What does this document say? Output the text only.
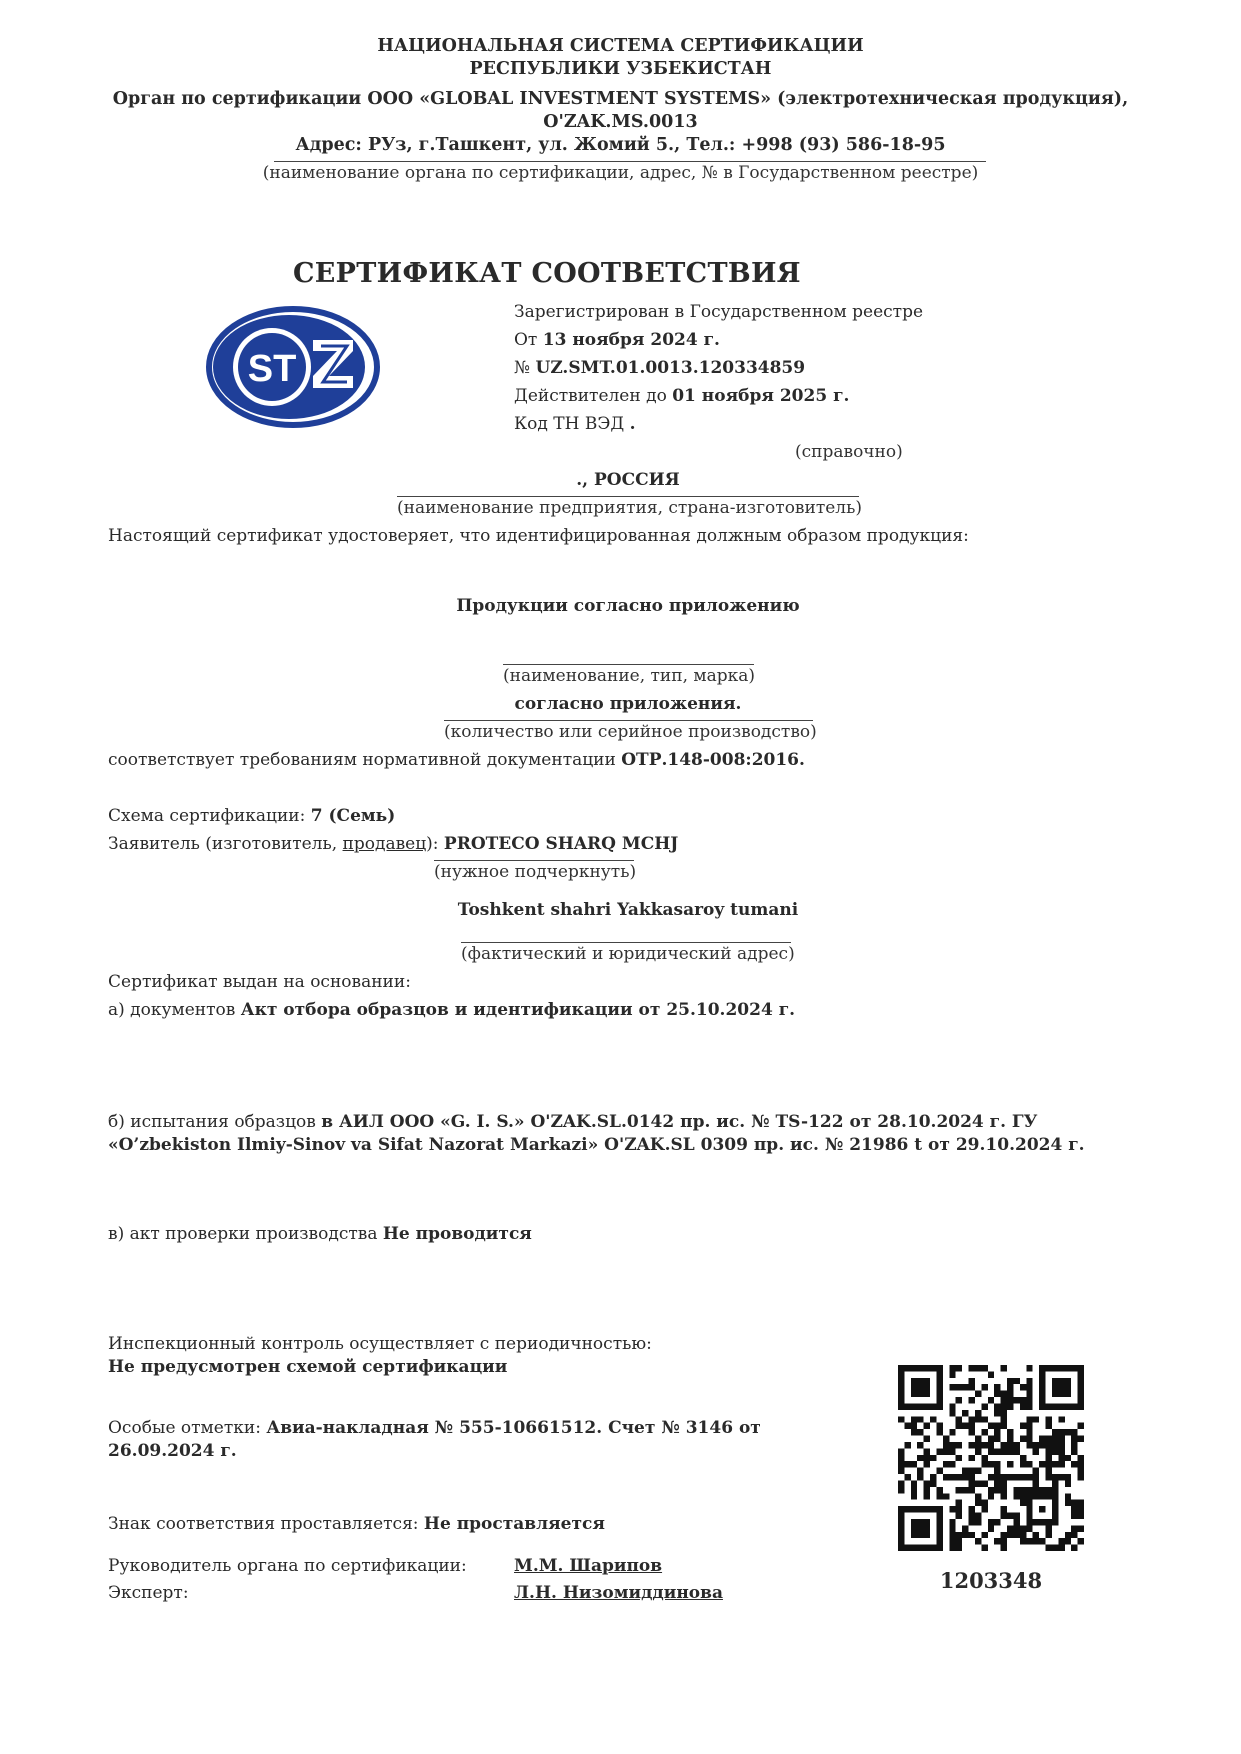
НАЦИОНАЛЬНАЯ СИСТЕМА СЕРТИФИКАЦИИ
РЕСПУБЛИКИ УЗБЕКИСТАН
Орган по сертификации ООО «GLOBAL INVESTMENT SYSTEMS» (электротехническая продукция),
O'ZAK.MS.0013
Адрес: РУз, г.Ташкент, ул. Жомий 5., Тел.: +998 (93) 586-18-95
(наименование органа по сертификации, адрес, № в Государственном реестре)
СЕРТИФИКАТ СООТВЕТСТВИЯ
ST
Зарегистрирован в Государственном реестре
От 13 ноября 2024 г.
№ UZ.SMT.01.0013.120334859
Действителен до 01 ноября 2025 г.
Код ТН ВЭД .
(справочно)
., РОССИЯ
(наименование предприятия, страна-изготовитель)
Настоящий сертификат удостоверяет, что идентифицированная должным образом продукция:
Продукции согласно приложению
(наименование, тип, марка)
согласно приложения.
(количество или серийное производство)
соответствует требованиям нормативной документации ОТР.148-008:2016.
Схема сертификации: 7 (Семь)
Заявитель (изготовитель, продавец): PROTECO SHARQ MCHJ
(нужное подчеркнуть)
Toshkent shahri Yakkasaroy tumani
(фактический и юридический адрес)
Сертификат выдан на основании:
а) документов Акт отбора образцов и идентификации от 25.10.2024 г.
б) испытания образцов в АИЛ ООО «G. I. S.» O'ZAK.SL.0142 пр. ис. № TS-122 от 28.10.2024 г. ГУ
«O’zbekiston Ilmiy-Sinov va Sifat Nazorat Markazi» O'ZAK.SL 0309 пр. ис. № 21986 t от 29.10.2024 г.
в) акт проверки производства Не проводится
Инспекционный контроль осуществляет с периодичностью:
Не предусмотрен схемой сертификации
Особые отметки: Авиа-накладная № 555-10661512. Счет № 3146 от
26.09.2024 г.
Знак соответствия проставляется: Не проставляется
Руководитель органа по сертификации:	М.М. Шарипов
Эксперт:	Л.Н. Низомиддинова	1203348
